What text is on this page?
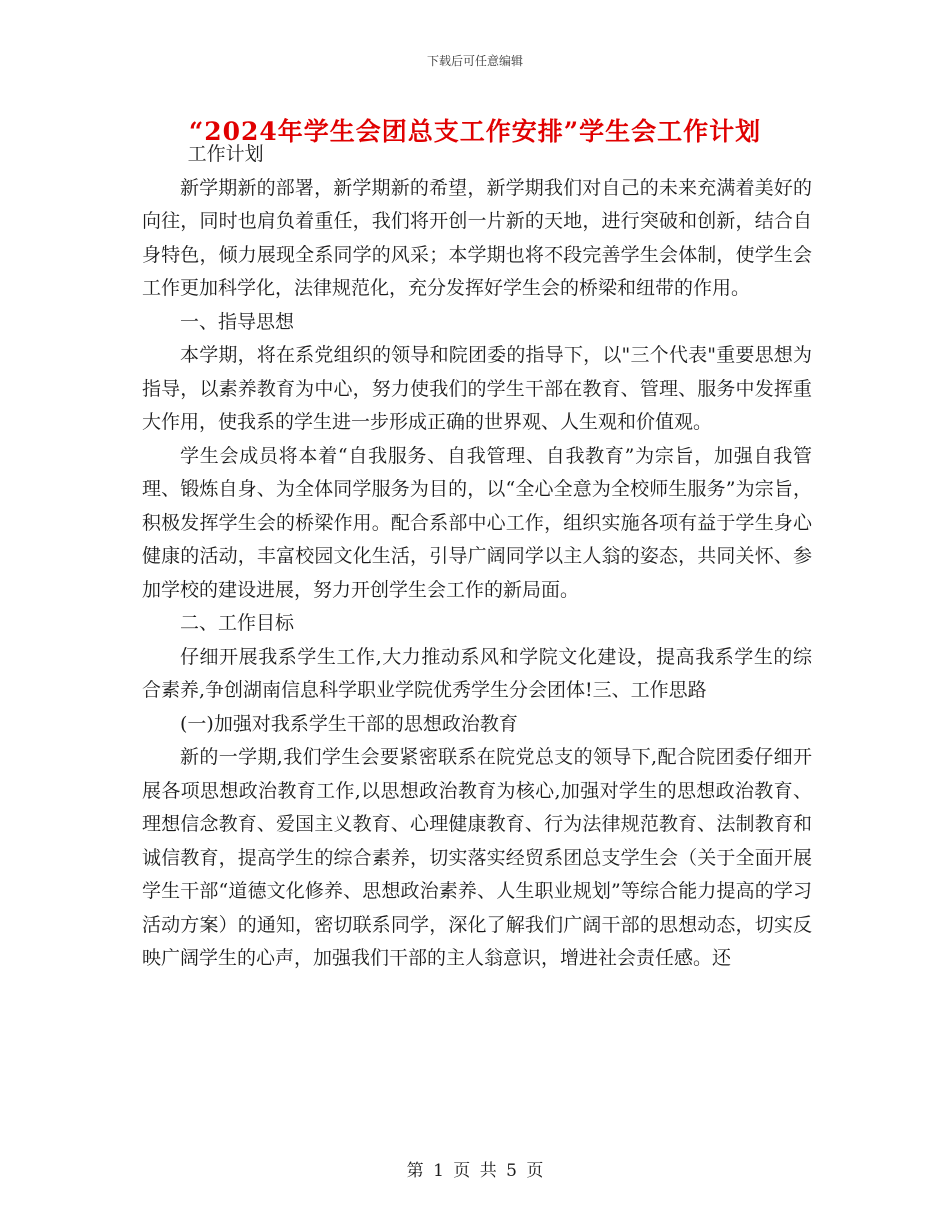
下载后可任意编辑
“2024年学生会团总支工作安排”学生会工作计划

工作计划

新学期新的部署，新学期新的希望，新学期我们对自己的未来充满着美好的向往，同时也肩负着重任，我们将开创一片新的天地，进行突破和创新，结合自身特色，倾力展现全系同学的风采；本学期也将不段完善学生会体制，使学生会工作更加科学化，法律规范化，充分发挥好学生会的桥梁和纽带的作用。

一、指导思想

本学期，将在系党组织的领导和院团委的指导下，以"三个代表"重要思想为指导，以素养教育为中心，努力使我们的学生干部在教育、管理、服务中发挥重大作用，使我系的学生进一步形成正确的世界观、人生观和价值观。

学生会成员将本着“自我服务、自我管理、自我教育”为宗旨，加强自我管理、锻炼自身、为全体同学服务为目的，以“全心全意为全校师生服务”为宗旨，积极发挥学生会的桥梁作用。配合系部中心工作，组织实施各项有益于学生身心健康的活动，丰富校园文化生活，引导广阔同学以主人翁的姿态，共同关怀、参加学校的建设进展，努力开创学生会工作的新局面。

二、工作目标

仔细开展我系学生工作,大力推动系风和学院文化建设，提高我系学生的综合素养,争创湖南信息科学职业学院优秀学生分会团体!三、工作思路

(一)加强对我系学生干部的思想政治教育

新的一学期,我们学生会要紧密联系在院党总支的领导下,配合院团委仔细开展各项思想政治教育工作,以思想政治教育为核心,加强对学生的思想政治教育、理想信念教育、爱国主义教育、心理健康教育、行为法律规范教育、法制教育和诚信教育，提高学生的综合素养，切实落实经贸系团总支学生会（关于全面开展学生干部“道德文化修养、思想政治素养、人生职业规划”等综合能力提高的学习活动方案）的通知，密切联系同学，深化了解我们广阔干部的思想动态，切实反映广阔学生的心声，加强我们干部的主人翁意识，增进社会责任感。还

第 1 页 共 5 页
